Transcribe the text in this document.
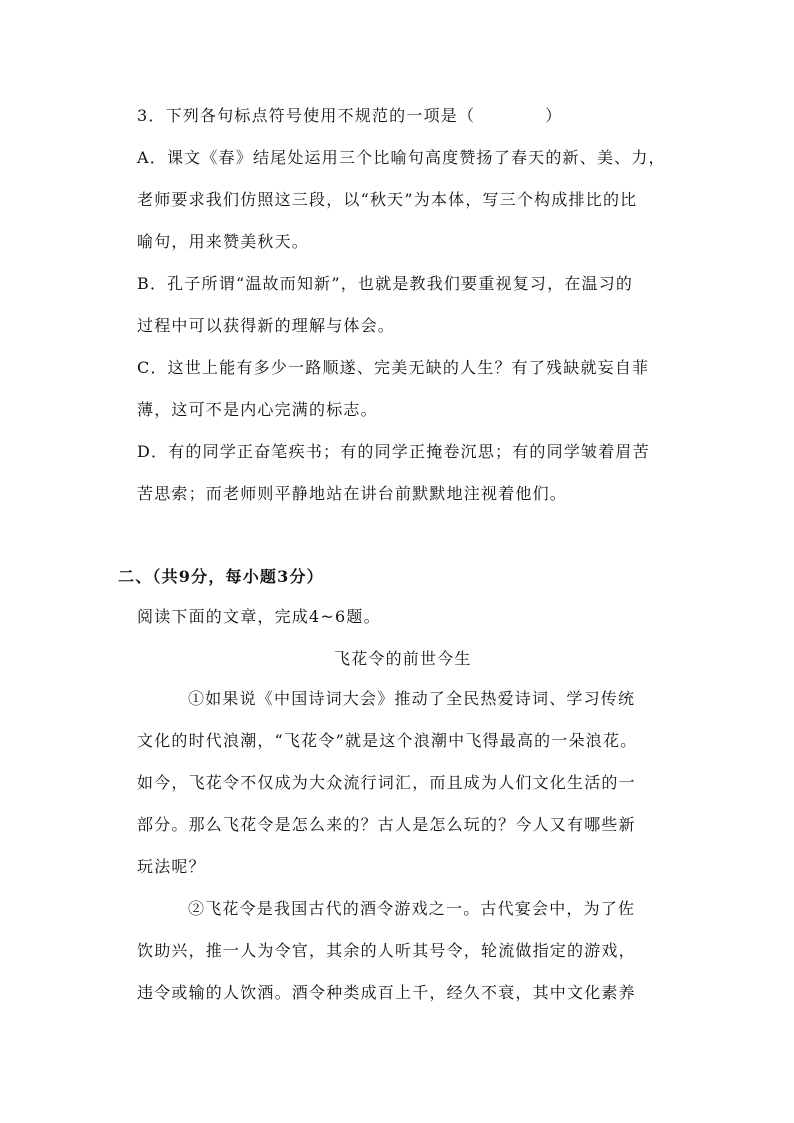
3．下列各句标点符号使用不规范的一项是（	）
A．课文《春》结尾处运用三个比喻句高度赞扬了春天的新、美、力，
老师要求我们仿照这三段，以“秋天”为本体，写三个构成排比的比
喻句，用来赞美秋天。
B．孔子所谓“温故而知新”，也就是教我们要重视复习，在温习的
过程中可以获得新的理解与体会。
C．这世上能有多少一路顺遂、完美无缺的人生？有了残缺就妄自菲
薄，这可不是内心完满的标志。
D．有的同学正奋笔疾书；有的同学正掩卷沉思；有的同学皱着眉苦
苦思索；而老师则平静地站在讲台前默默地注视着他们。
二、（共9分，每小题3分）
阅读下面的文章，完成4~6题。
飞花令的前世今生
①如果说《中国诗词大会》推动了全民热爱诗词、学习传统
文化的时代浪潮，“飞花令”就是这个浪潮中飞得最高的一朵浪花。
如今，飞花令不仅成为大众流行词汇，而且成为人们文化生活的一
部分。那么飞花令是怎么来的？古人是怎么玩的？今人又有哪些新
玩法呢？
②飞花令是我国古代的酒令游戏之一。古代宴会中，为了佐
饮助兴，推一人为令官，其余的人听其号令，轮流做指定的游戏，
违令或输的人饮酒。酒令种类成百上千，经久不衰，其中文化素养
